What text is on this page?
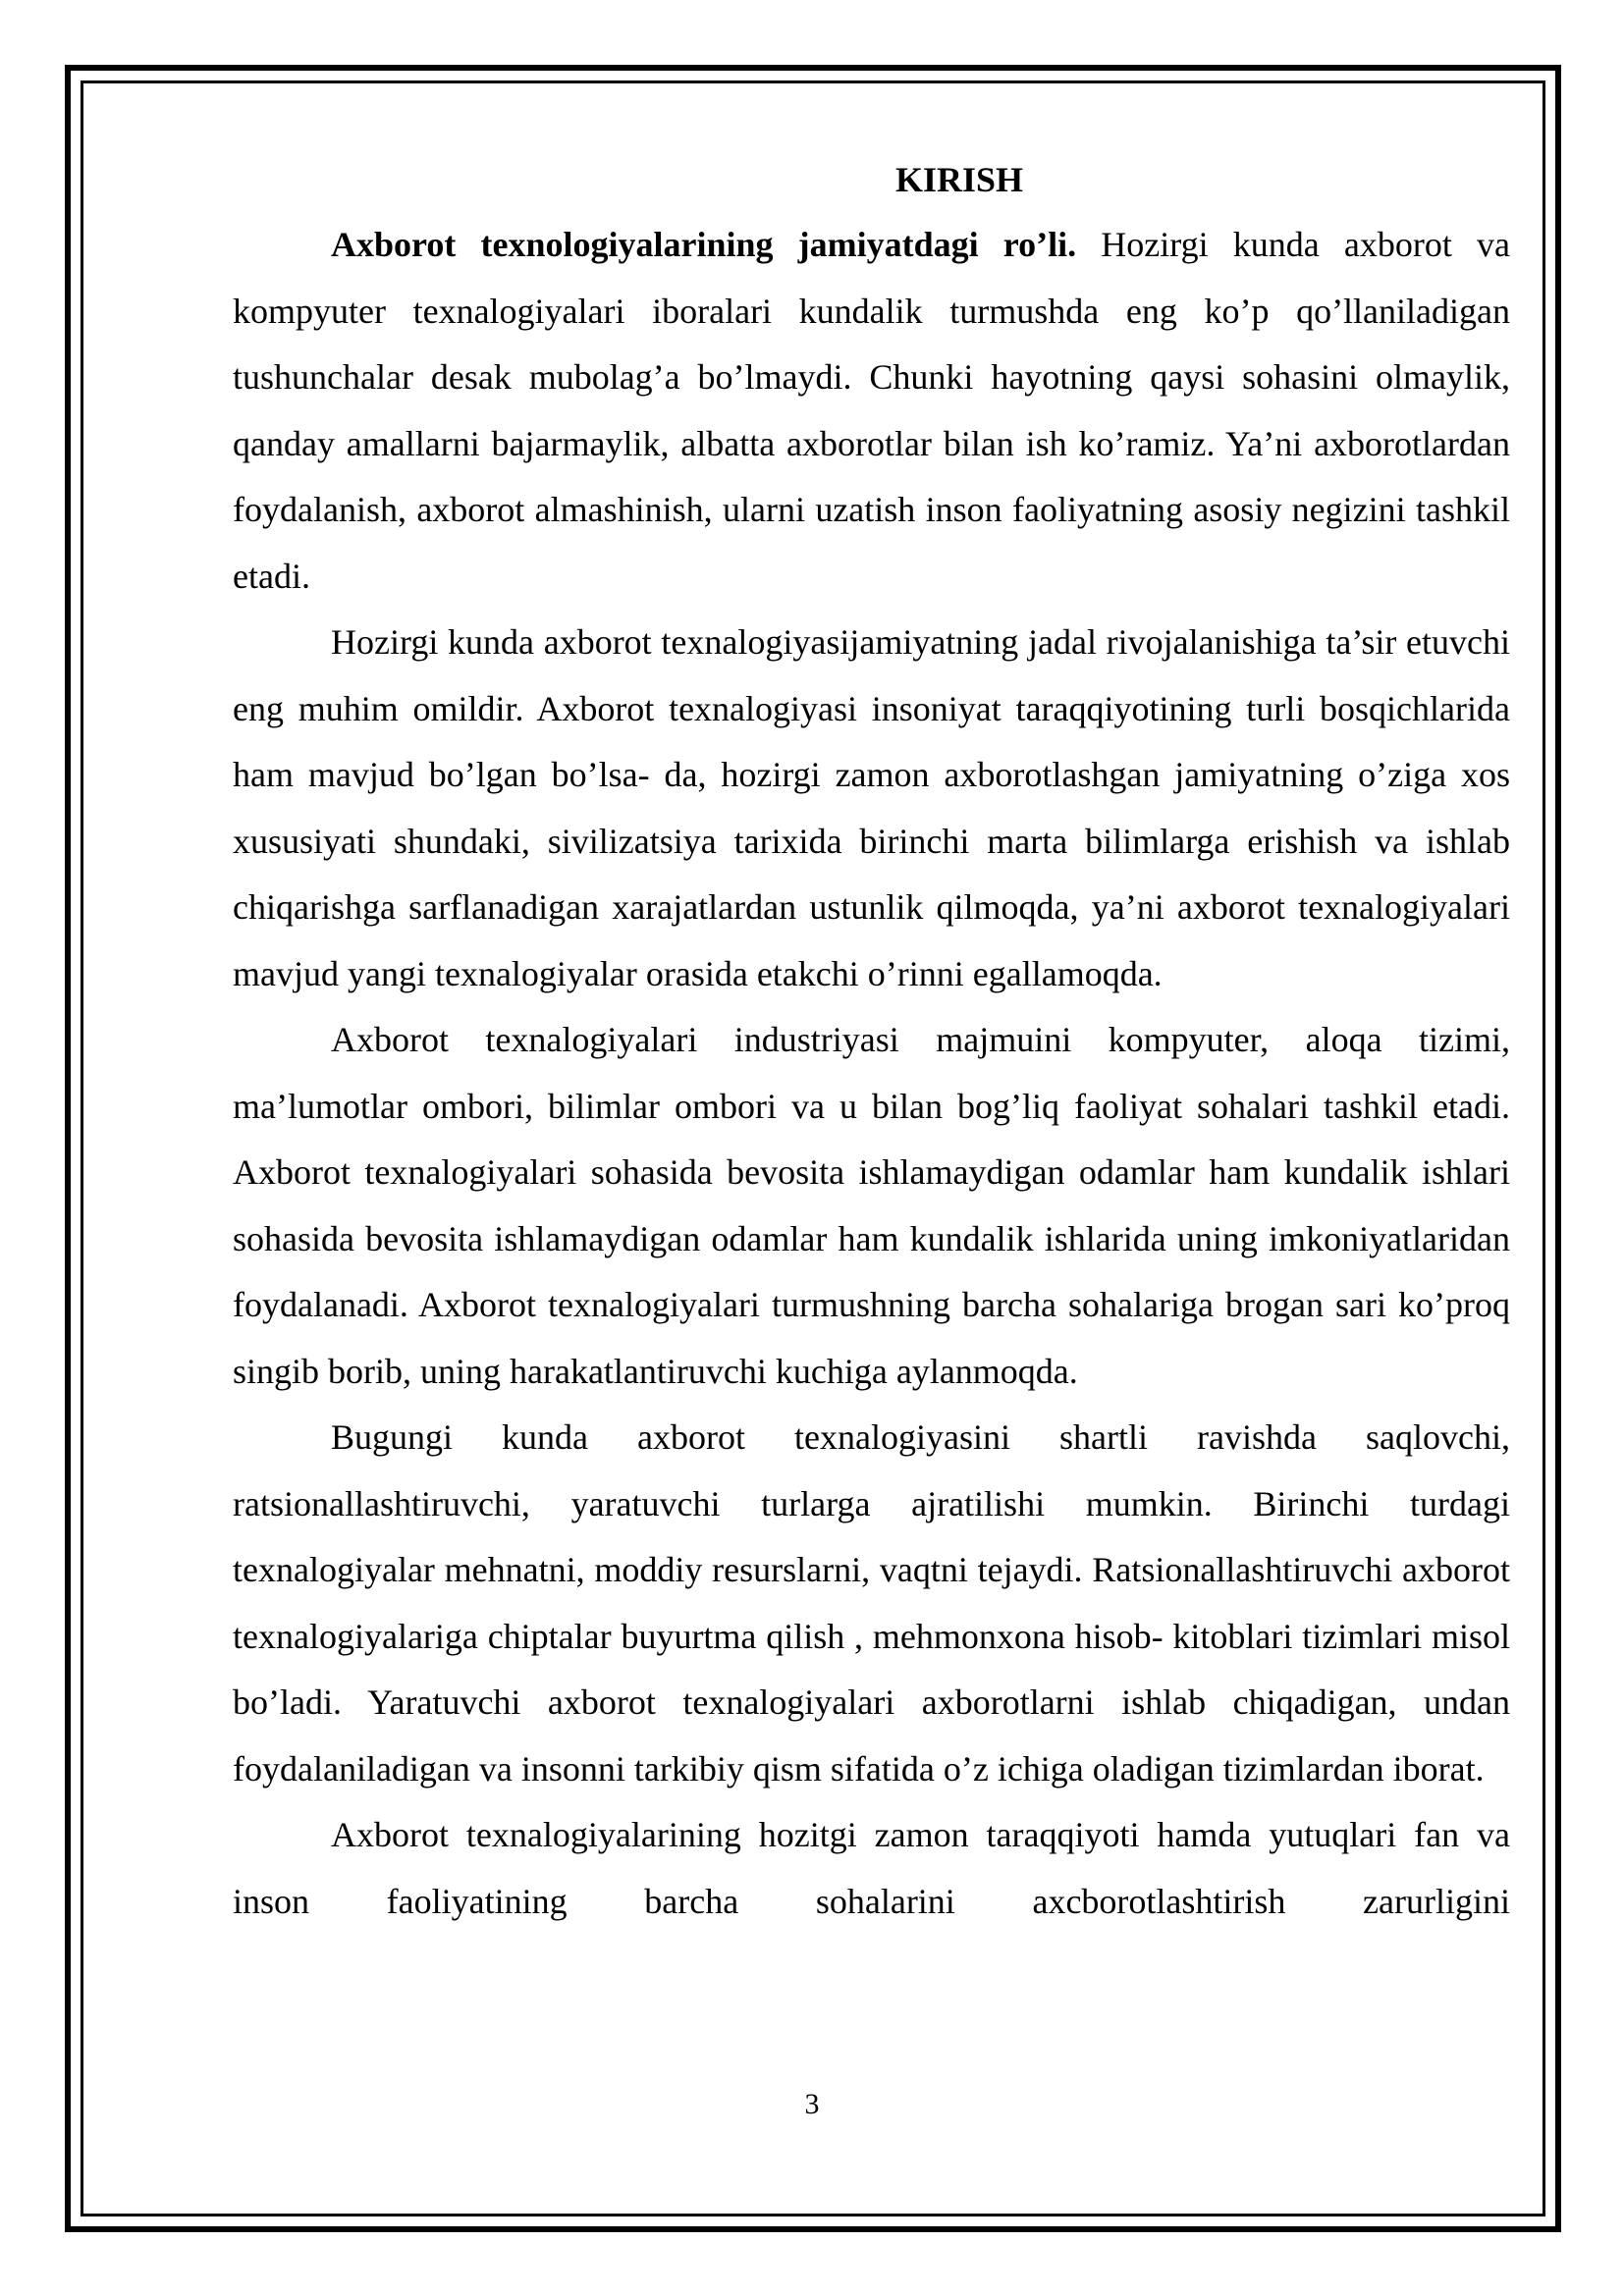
KIRISH

Axborot texnologiyalarining jamiyatdagi ro’li. Hozirgi kunda axborot va kompyuter texnalogiyalari iboralari kundalik turmushda eng ko’p qo’llaniladigan tushunchalar desak mubolag’a bo’lmaydi. Chunki hayotning qaysi sohasini olmaylik, qanday amallarni bajarmaylik, albatta axborotlar bilan ish ko’ramiz. Ya’ni axborotlardan foydalanish, axborot almashinish, ularni uzatish inson faoliyatning asosiy negizini tashkil etadi.

Hozirgi kunda axborot texnalogiyasijamiyatning jadal rivojalanishiga ta’sir etuvchi eng muhim omildir. Axborot texnalogiyasi insoniyat taraqqiyotining turli bosqichlarida ham mavjud bo’lgan bo’lsa- da, hozirgi zamon axborotlashgan jamiyatning o’ziga xos xususiyati shundaki, sivilizatsiya tarixida birinchi marta bilimlarga erishish va ishlab chiqarishga sarflanadigan xarajatlardan ustunlik qilmoqda, ya’ni axborot texnalogiyalari mavjud yangi texnalogiyalar orasida etakchi o’rinni egallamoqda.

Axborot texnalogiyalari industriyasi majmuini kompyuter, aloqa tizimi, ma’lumotlar ombori, bilimlar ombori va u bilan bog’liq faoliyat sohalari tashkil etadi. Axborot texnalogiyalari sohasida bevosita ishlamaydigan odamlar ham kundalik ishlari sohasida bevosita ishlamaydigan odamlar ham kundalik ishlarida uning imkoniyatlaridan foydalanadi. Axborot texnalogiyalari turmushning barcha sohalariga brogan sari ko’proq singib borib, uning harakatlantiruvchi kuchiga aylanmoqda.

Bugungi kunda axborot texnalogiyasini shartli ravishda saqlovchi, ratsionallashtiruvchi, yaratuvchi turlarga ajratilishi mumkin. Birinchi turdagi texnalogiyalar mehnatni, moddiy resurslarni, vaqtni tejaydi. Ratsionallashtiruvchi axborot texnalogiyalariga chiptalar buyurtma qilish , mehmonxona hisob- kitoblari tizimlari misol bo’ladi. Yaratuvchi axborot texnalogiyalari axborotlarni ishlab chiqadigan, undan foydalaniladigan va insonni tarkibiy qism sifatida o’z ichiga oladigan tizimlardan iborat.

Axborot texnalogiyalarining hozitgi zamon taraqqiyoti hamda yutuqlari fan va inson faoliyatining barcha sohalarini axcborotlashtirish zarurligini

3
